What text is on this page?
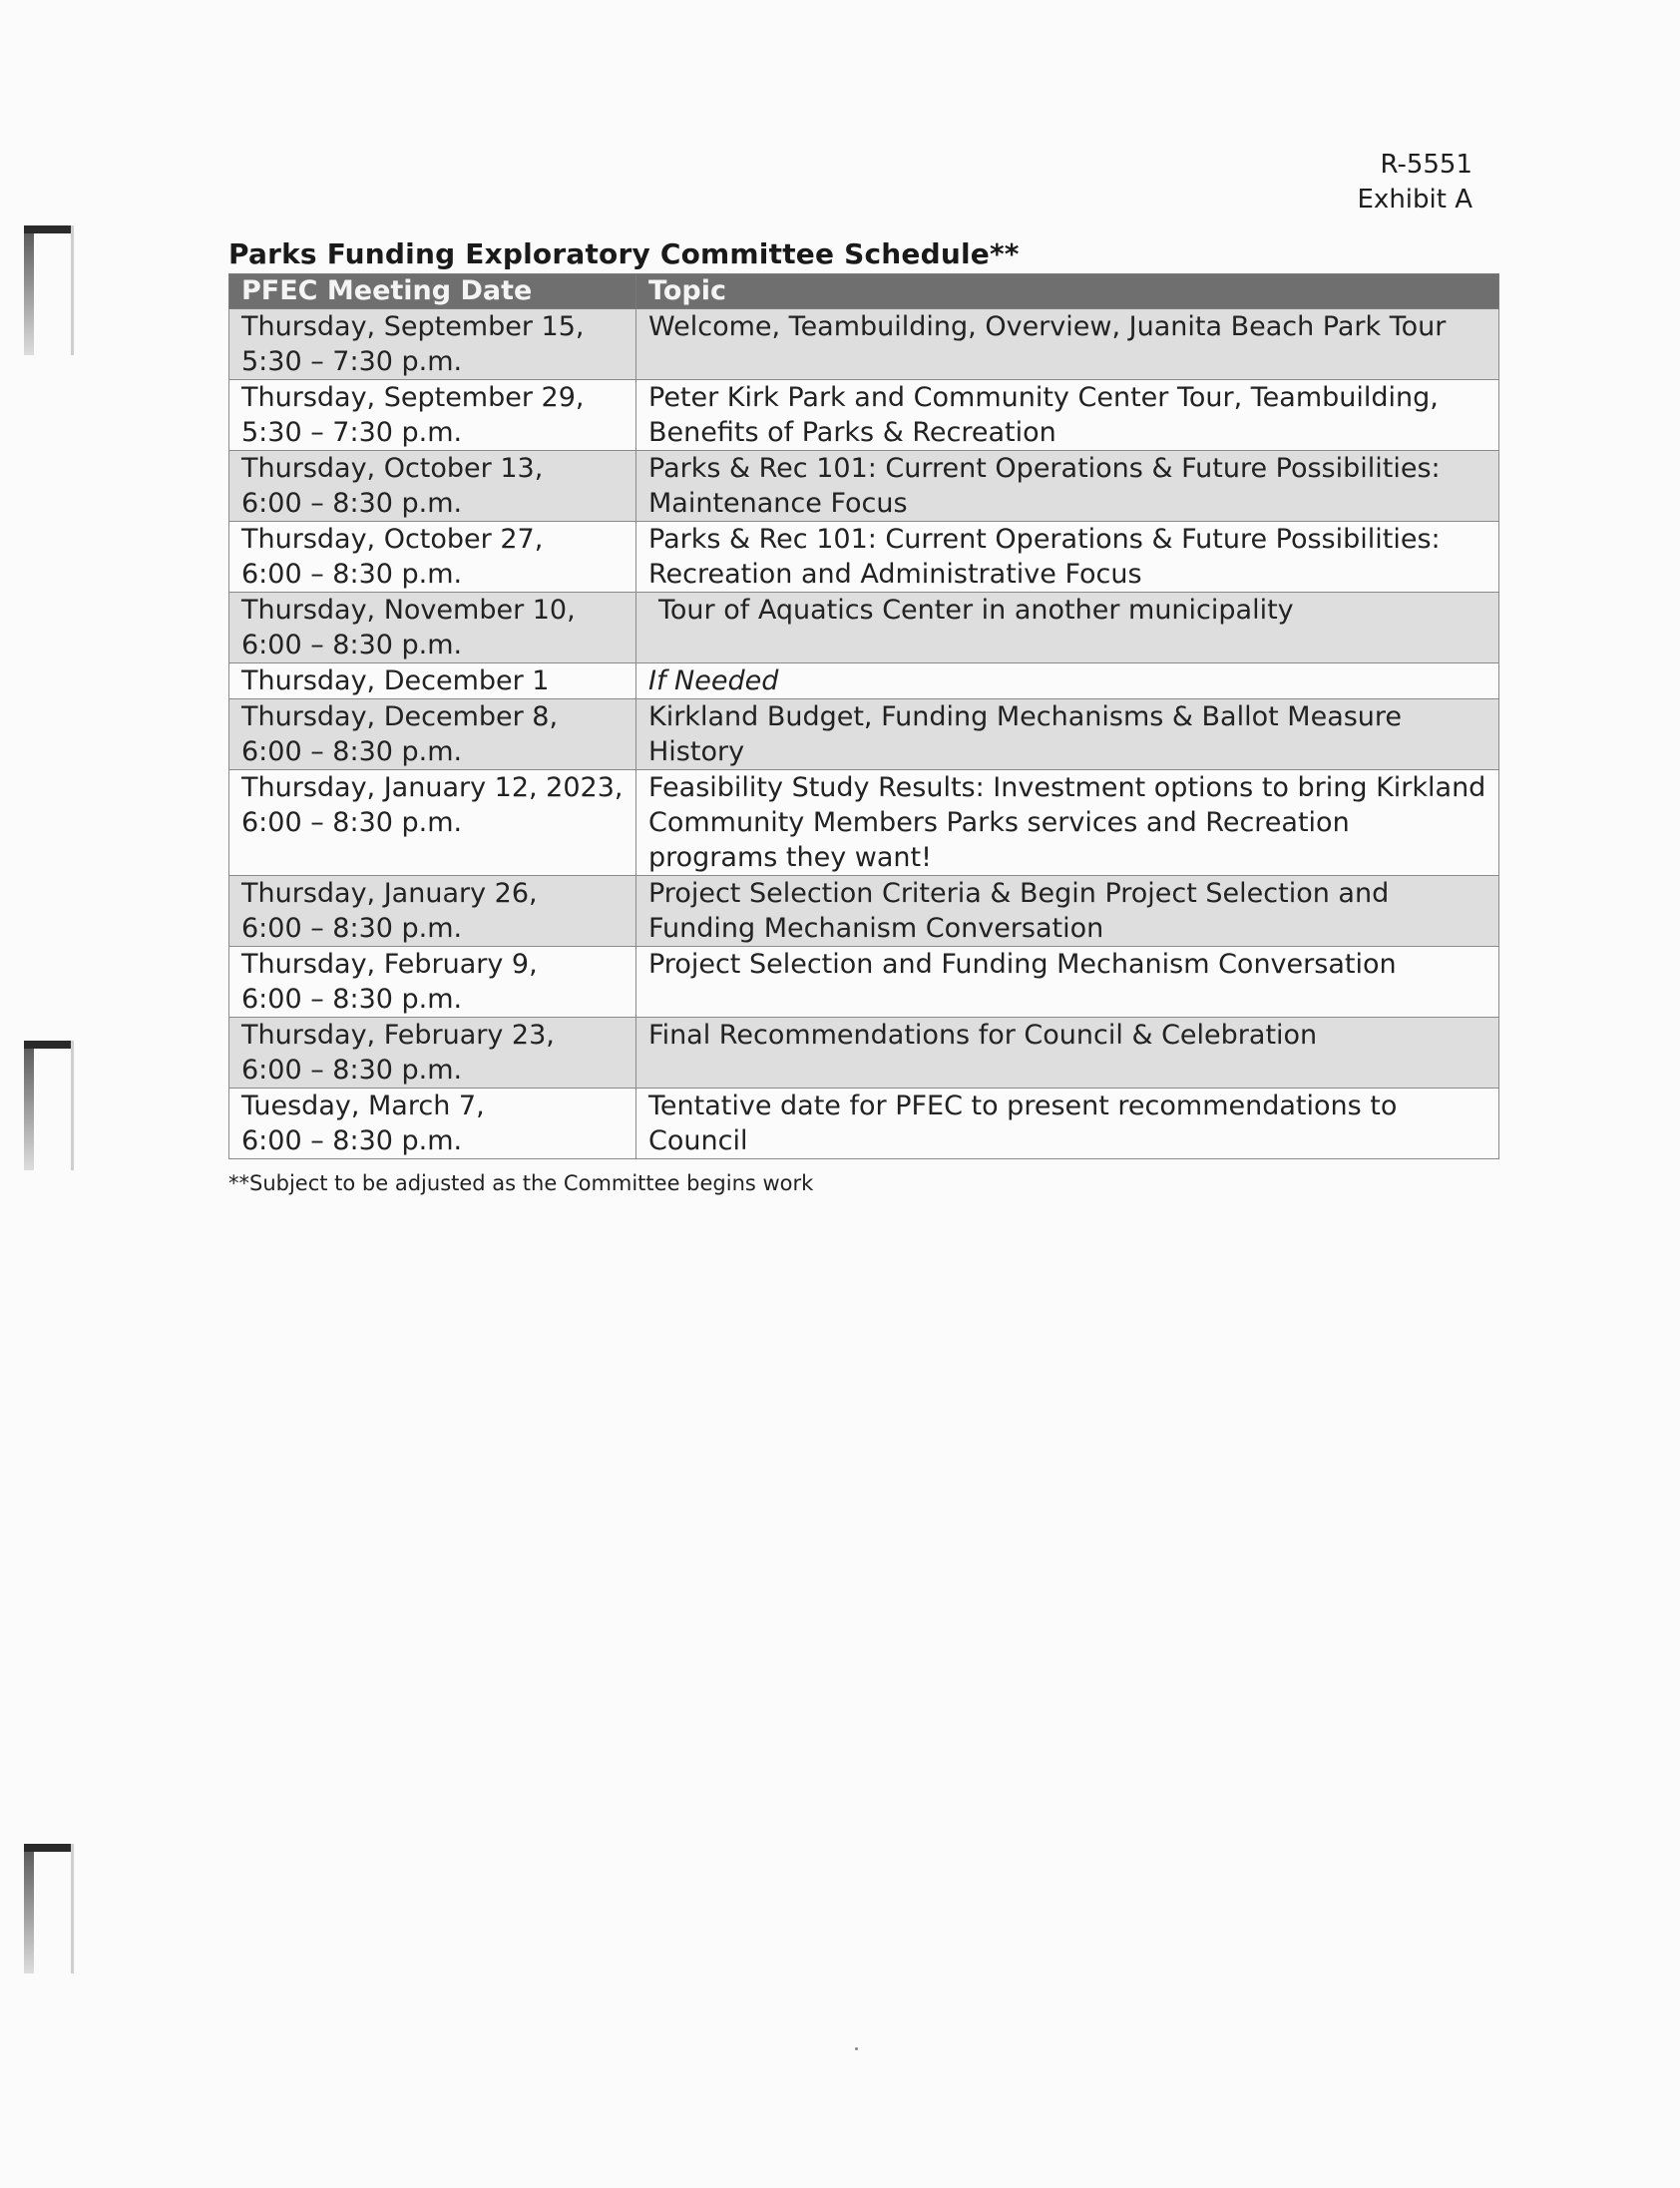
R-5551
Exhibit A
Parks Funding Exploratory Committee Schedule**
PFEC Meeting Date	Topic

Thursday, September 15,
5:30 – 7:30 p.m.	Welcome, Teambuilding, Overview, Juanita Beach Park Tour

Thursday, September 29,
5:30 – 7:30 p.m.	Peter Kirk Park and Community Center Tour, Teambuilding, Benefits of Parks & Recreation

Thursday, October 13,
6:00 – 8:30 p.m.	Parks & Rec 101: Current Operations & Future Possibilities: Maintenance Focus

Thursday, October 27,
6:00 – 8:30 p.m.	Parks & Rec 101: Current Operations & Future Possibilities: Recreation and Administrative Focus

Thursday, November 10,
6:00 – 8:30 p.m.	Tour of Aquatics Center in another municipality

Thursday, December 1	If Needed

Thursday, December 8,
6:00 – 8:30 p.m.	Kirkland Budget, Funding Mechanisms & Ballot Measure History

Thursday, January 12, 2023,
6:00 – 8:30 p.m.	Feasibility Study Results: Investment options to bring Kirkland Community Members Parks services and Recreation programs they want!

Thursday, January 26,
6:00 – 8:30 p.m.	Project Selection Criteria & Begin Project Selection and Funding Mechanism Conversation

Thursday, February 9,
6:00 – 8:30 p.m.	Project Selection and Funding Mechanism Conversation

Thursday, February 23,
6:00 – 8:30 p.m.	Final Recommendations for Council & Celebration

Tuesday, March 7,
6:00 – 8:30 p.m.	Tentative date for PFEC to present recommendations to Council
**Subject to be adjusted as the Committee begins work
